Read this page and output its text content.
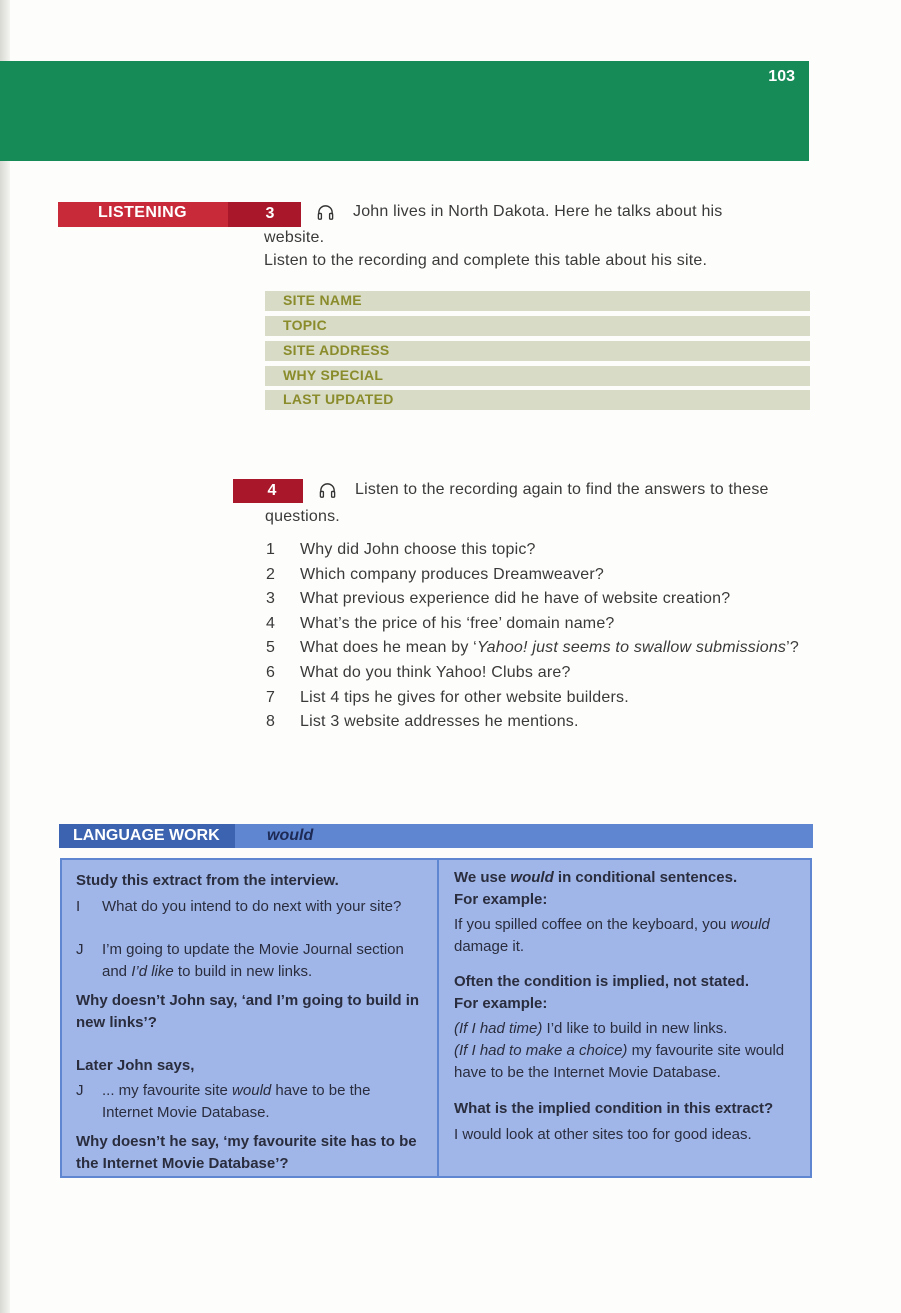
103
LISTENING	3	John lives in North Dakota. Here he talks about his
website.
Listen to the recording and complete this table about his site.
SITE NAME
TOPIC
SITE ADDRESS
WHY SPECIAL
LAST UPDATED
4	Listen to the recording again to find the answers to these
questions.
1	Why did John choose this topic?
2	Which company produces Dreamweaver?
3	What previous experience did he have of website creation?
4	What’s the price of his ‘free’ domain name?
5	What does he mean by ‘Yahoo! just seems to swallow submissions’?
6	What do you think Yahoo! Clubs are?
7	List 4 tips he gives for other website builders.
8	List 3 website addresses he mentions.
LANGUAGE WORK	would
Study this extract from the interview.
I	What do you intend to do next with your site?
J	I’m going to update the Movie Journal section and I’d like to build in new links.
Why doesn’t John say, ‘and I’m going to build in new links’?
Later John says,
J	... my favourite site would have to be the Internet Movie Database.
Why doesn’t he say, ‘my favourite site has to be the Internet Movie Database’?
We use would in conditional sentences.
For example:
If you spilled coffee on the keyboard, you would damage it.
Often the condition is implied, not stated.
For example:
(If I had time) I’d like to build in new links.
(If I had to make a choice) my favourite site would have to be the Internet Movie Database.
What is the implied condition in this extract?
I would look at other sites too for good ideas.
